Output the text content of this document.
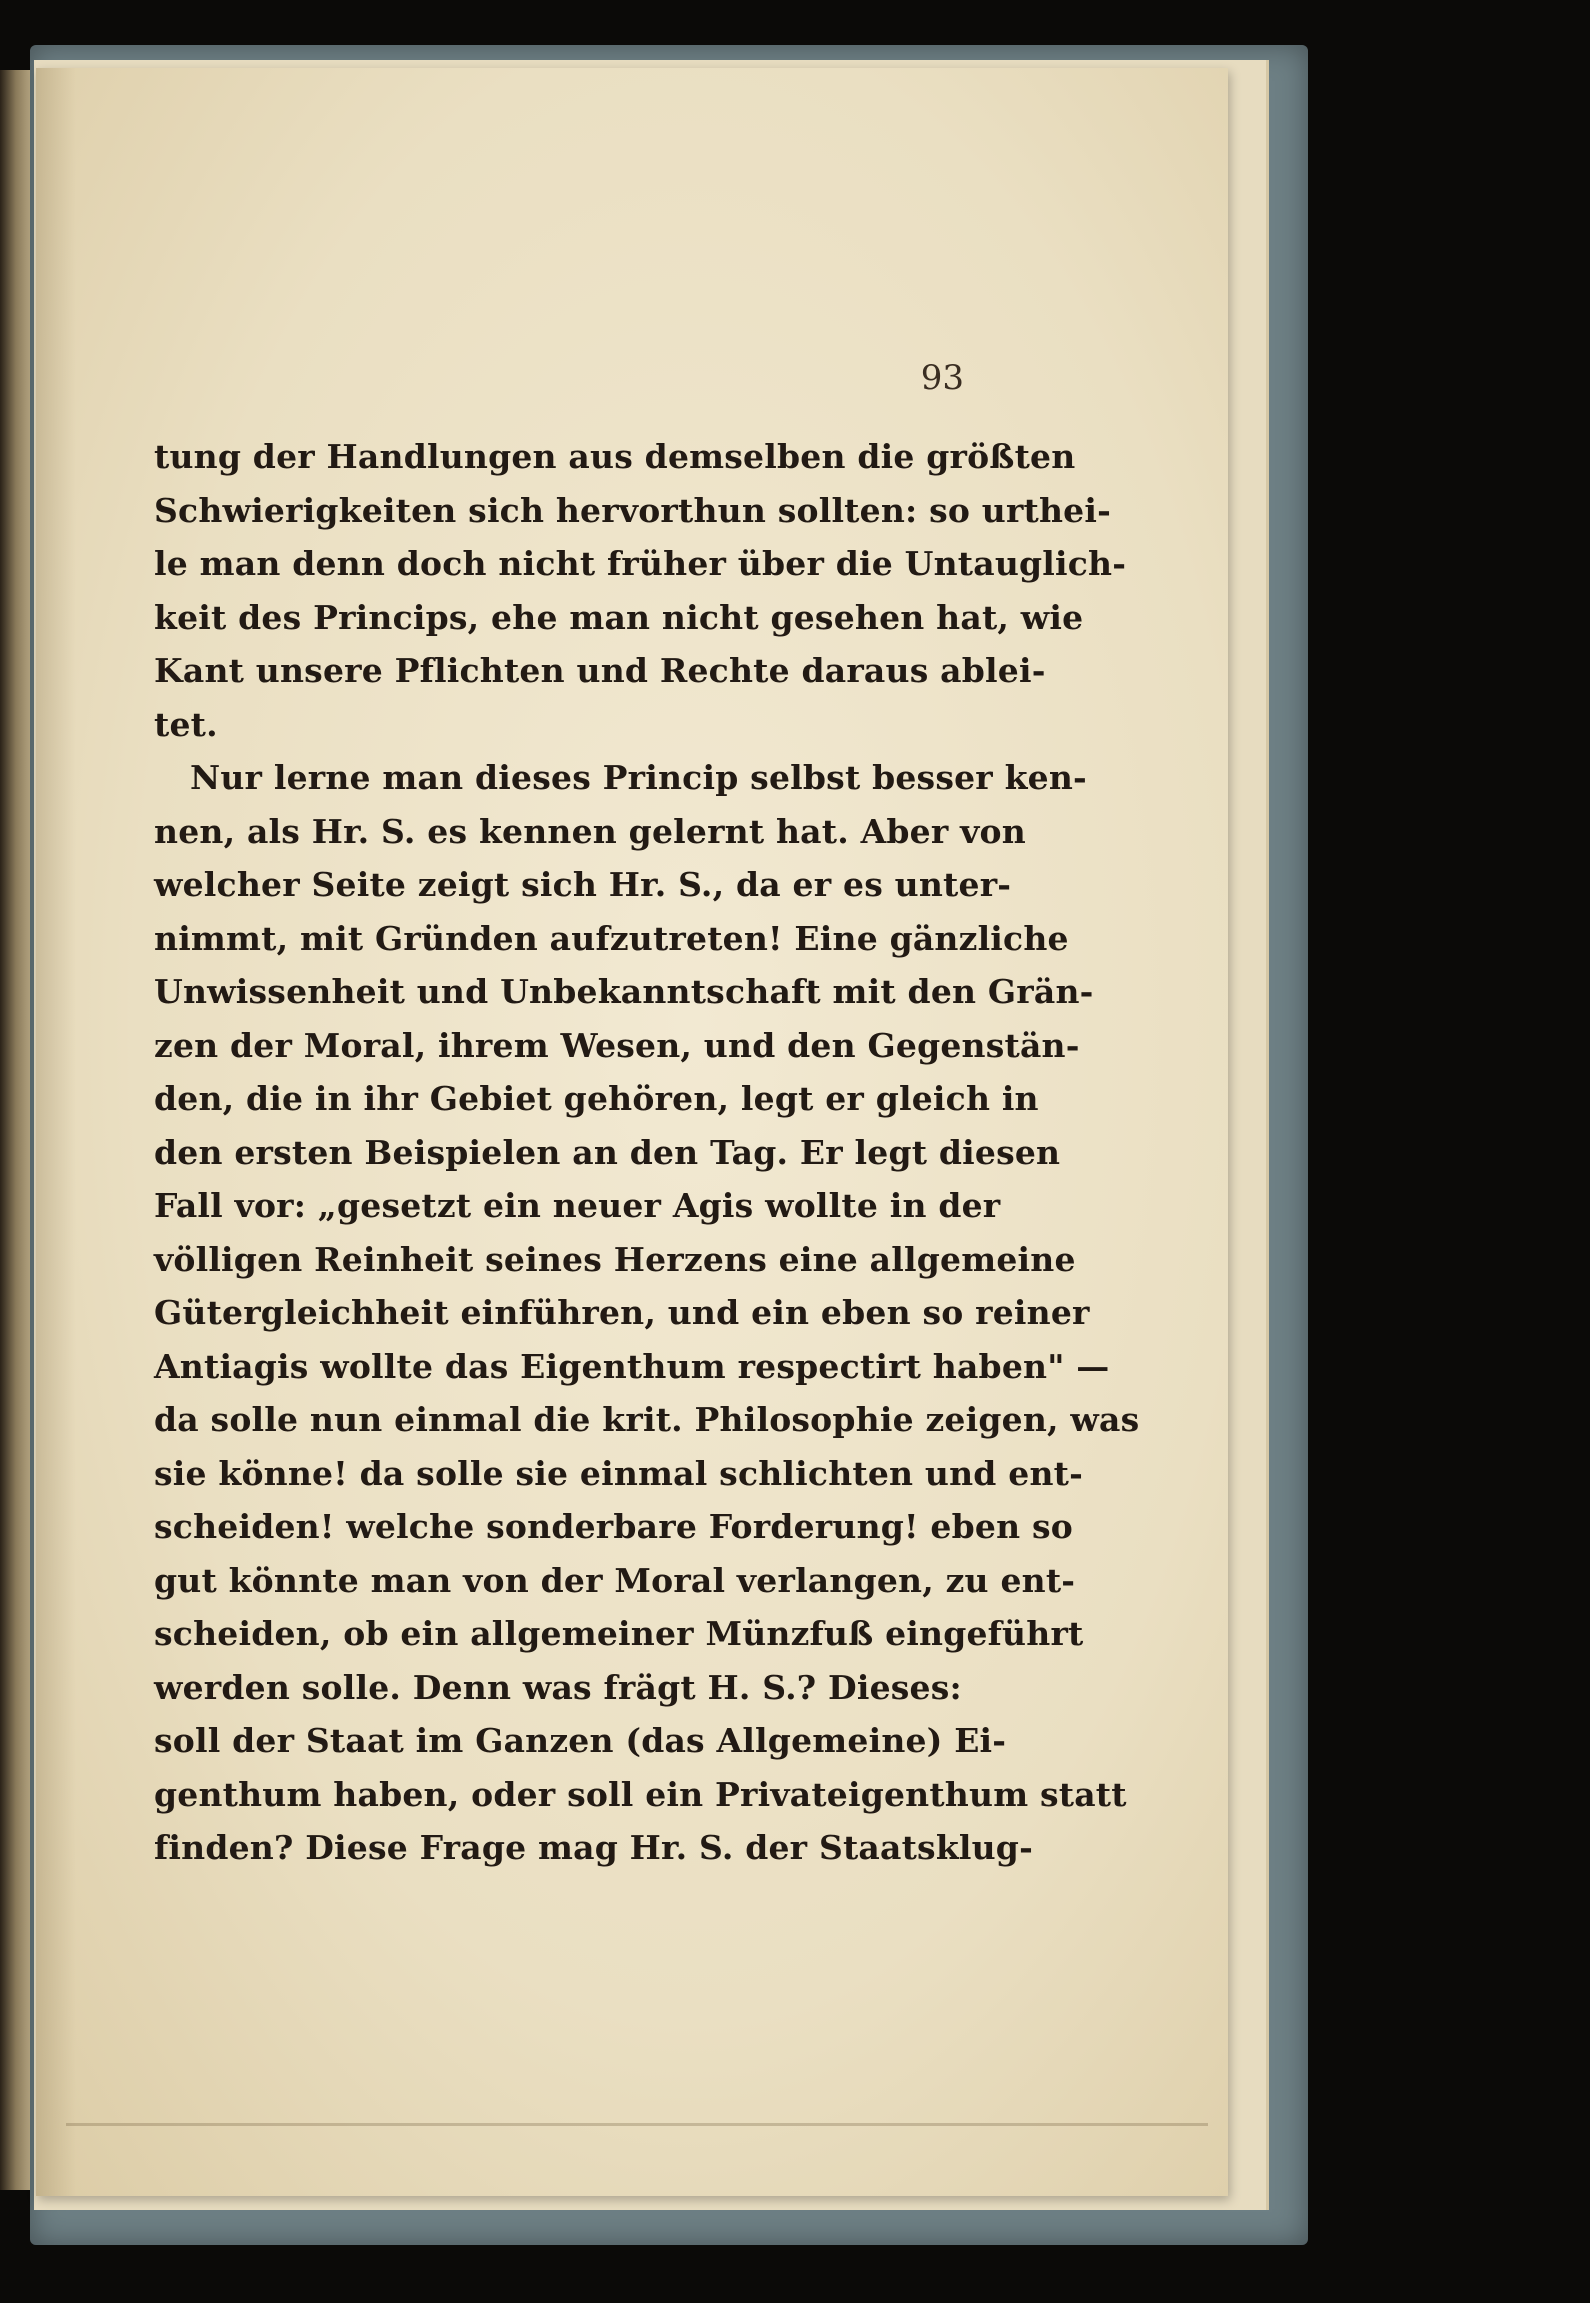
93
tung der Handlungen aus demselben die größten
Schwierigkeiten sich hervorthun sollten: so urthei-
le man denn doch nicht früher über die Untauglich-
keit des Princips, ehe man nicht gesehen hat, wie
Kant unsere Pflichten und Rechte daraus ablei-
tet.
Nur lerne man dieses Princip selbst besser ken-
nen, als Hr. S. es kennen gelernt hat. Aber von
welcher Seite zeigt sich Hr. S., da er es unter-
nimmt, mit Gründen aufzutreten! Eine gänzliche
Unwissenheit und Unbekanntschaft mit den Grän-
zen der Moral, ihrem Wesen, und den Gegenstän-
den, die in ihr Gebiet gehören, legt er gleich in
den ersten Beispielen an den Tag. Er legt diesen
Fall vor: „gesetzt ein neuer Agis wollte in der
völligen Reinheit seines Herzens eine allgemeine
Gütergleichheit einführen, und ein eben so reiner
Antiagis wollte das Eigenthum respectirt haben" —
da solle nun einmal die krit. Philosophie zeigen, was
sie könne! da solle sie einmal schlichten und ent-
scheiden! welche sonderbare Forderung! eben so
gut könnte man von der Moral verlangen, zu ent-
scheiden, ob ein allgemeiner Münzfuß eingeführt
werden solle. Denn was frägt H. S.? Dieses:
soll der Staat im Ganzen (das Allgemeine) Ei-
genthum haben, oder soll ein Privateigenthum statt
finden? Diese Frage mag Hr. S. der Staatsklug-
